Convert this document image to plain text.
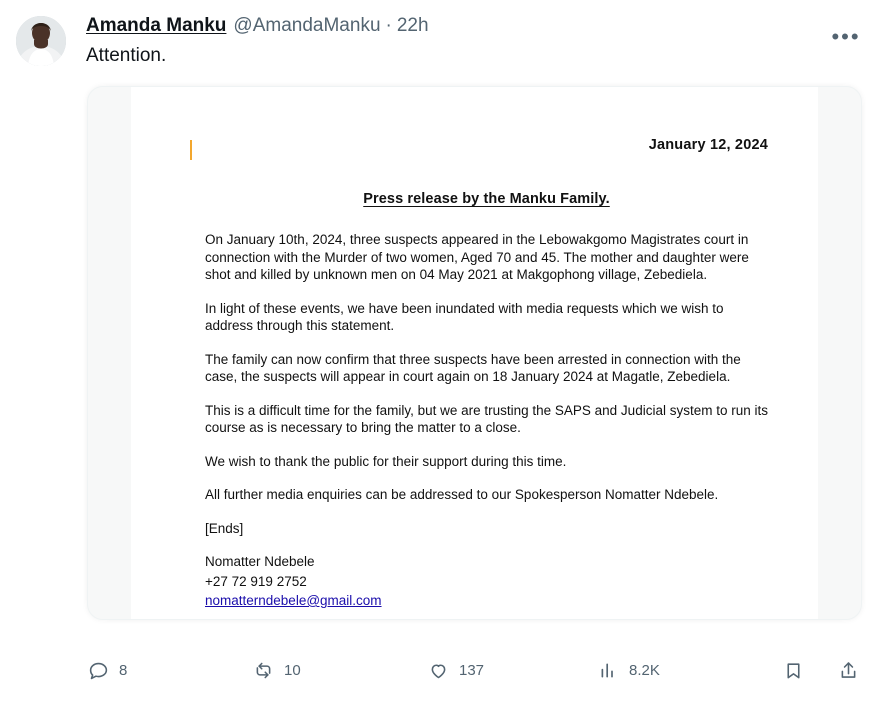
Amanda Manku @AmandaManku · 22h
Attention.
•••
January 12, 2024
Press release by the Manku Family.

On January 10th, 2024, three suspects appeared in the Lebowakgomo Magistrates court in connection with the Murder of two women, Aged 70 and 45. The mother and daughter were shot and killed by unknown men on 04 May 2021 at Makgophong village, Zebediela.

In light of these events, we have been inundated with media requests which we wish to address through this statement.

The family can now confirm that three suspects have been arrested in connection with the case, the suspects will appear in court again on 18 January 2024 at Magatle, Zebediela.

This is a difficult time for the family, but we are trusting the SAPS and Judicial system to run its course as is necessary to bring the matter to a close.

We wish to thank the public for their support during this time.

All further media enquiries can be addressed to our Spokesperson Nomatter Ndebele.

[Ends]

Nomatter Ndebele

+27 72 919 2752

nomatterndebele@gmail.com

8	10	137	8.2K
